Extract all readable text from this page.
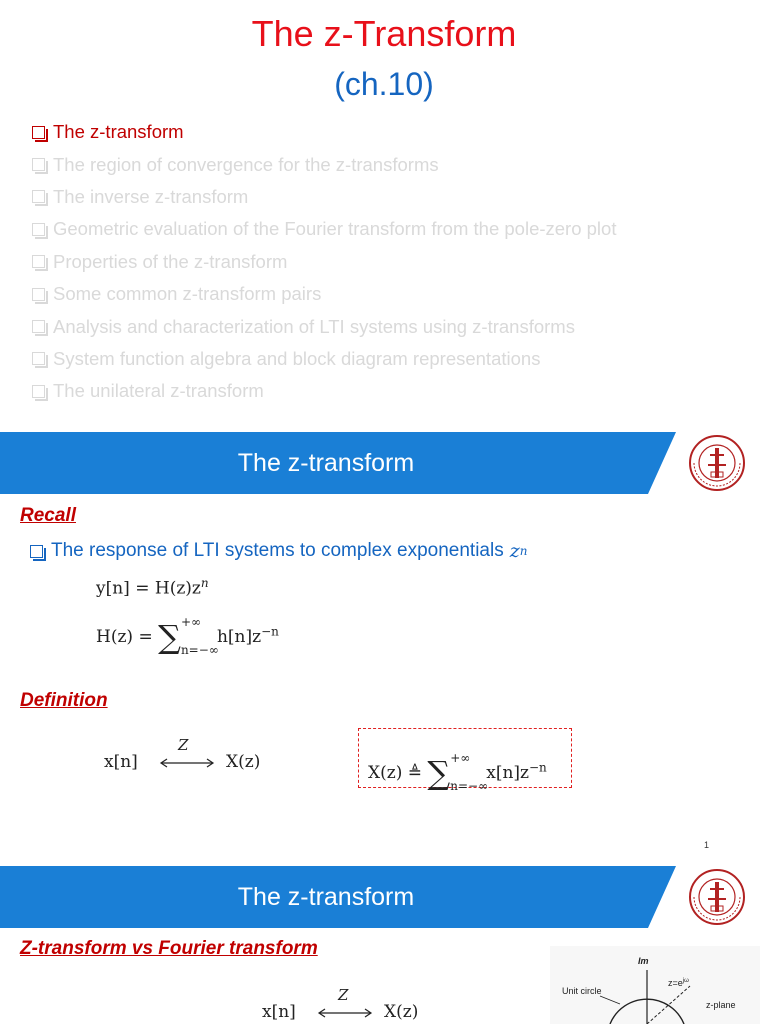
The z-Transform
(ch.10)
The z-transform
The region of convergence for the z-transforms
The inverse z-transform
Geometric evaluation of the Fourier transform from the pole-zero plot
Properties of the z-transform
Some common z-transform pairs
Analysis and characterization of LTI systems using z-transforms
System function algebra and block diagram representations
The unilateral z-transform
The z-transform
Recall
The response of LTI systems to complex exponentials z n
$y[n] = H(z)z^n$
$H(z) = \sum^{+\infty}_{n=-\infty}h[n]z^{-n}$
Definition
x[n]
Z
X(z)
X(z) ≜ $\sum^{+\infty}_{n=-\infty}x[n]z^{-n}$
1
The z-transform
Z-transform vs Fourier transform
x[n]
Z
X(z)
Im
Unit circle
$z=e^{j\omega}$
z-plane
